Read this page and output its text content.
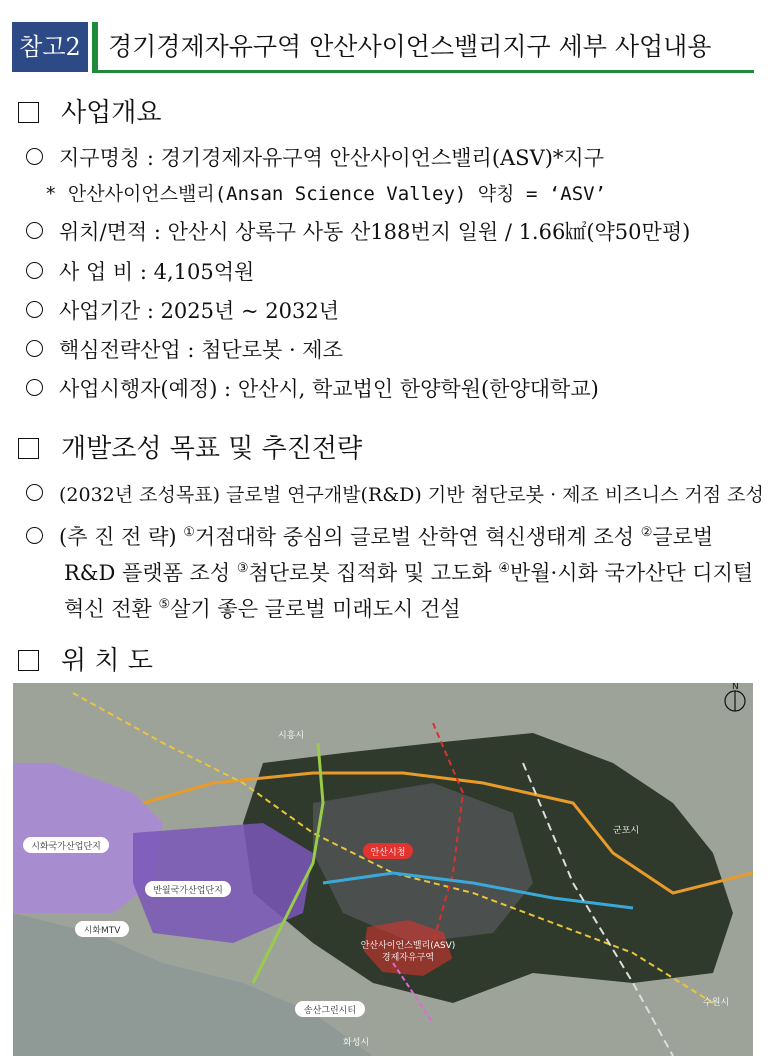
참고2 경기경제자유구역 안산사이언스밸리지구 세부 사업내용
사업개요
지구명칭 : 경기경제자유구역 안산사이언스밸리(ASV)*지구
* 안산사이언스밸리(Ansan Science Valley) 약칭 = ‘ASV’
위치/면적 : 안산시 상록구 사동 산188번지 일원 / 1.66㎢(약50만평)
사 업 비 : 4,105억원
사업기간 : 2025년 ~ 2032년
핵심전략산업 : 첨단로봇 · 제조
사업시행자(예정) : 안산시, 학교법인 한양학원(한양대학교)
개발조성 목표 및 추진전략
(2032년 조성목표) 글로벌 연구개발(R&D) 기반 첨단로봇 · 제조 비즈니스 거점 조성
(추 진 전 략) ①거점대학 중심의 글로벌 산학연 혁신생태계 조성 ②글로벌
R&D 플랫폼 조성 ③첨단로봇 집적화 및 고도화 ④반월·시화 국가산단 디지털
혁신 전환 ⑤살기 좋은 글로벌 미래도시 건설
위 치 도
시흥시
군포시
수원시
화성시
시화국가산업단지
반월국가산업단지
시화MTV
안산시청
안산사이언스밸리(ASV)
경제자유구역
송산그린시티
N
